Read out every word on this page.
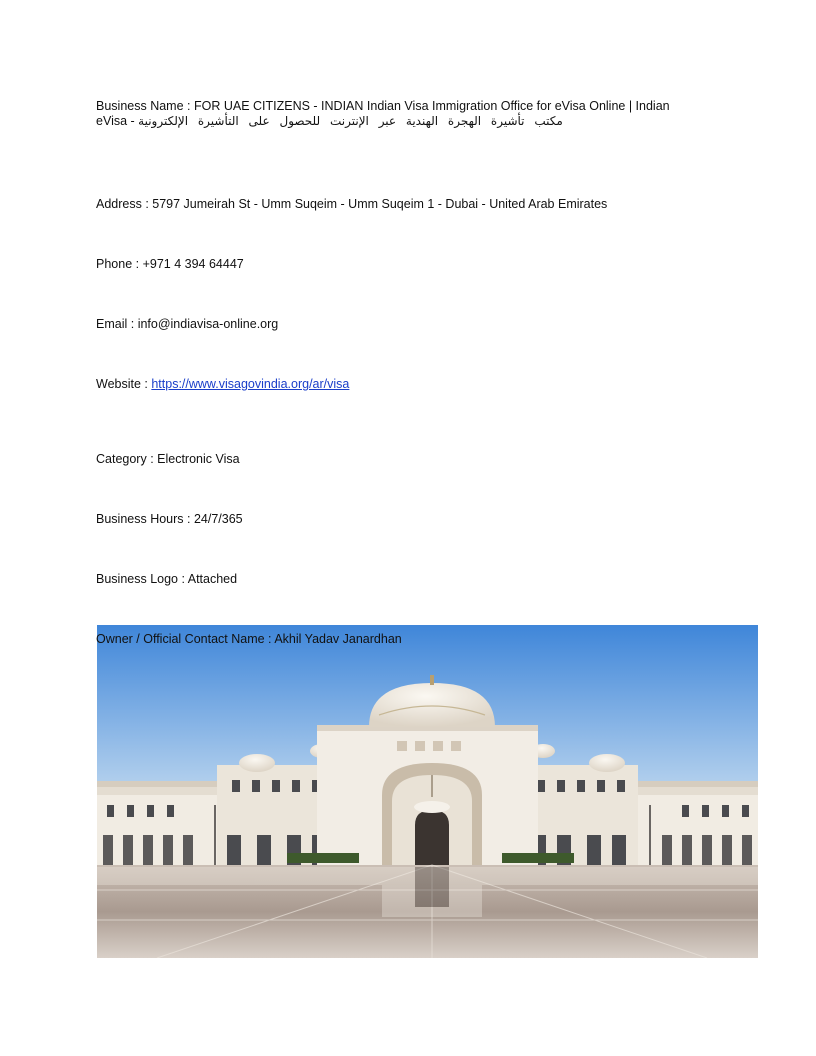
Business Name : FOR UAE CITIZENS - INDIAN Indian Visa Immigration Office for eVisa Online | Indian eVisa - مكتب تأشيرة الهجرة الهندية عبر الإنترنت للحصول على التأشيرة الإلكترونية
Address : 5797 Jumeirah St - Umm Suqeim - Umm Suqeim 1 - Dubai - United Arab Emirates
Phone : +971 4 394 64447
Email : info@indiavisa-online.org
Website : https://www.visagovindia.org/ar/visa
Category : Electronic Visa
Business Hours : 24/7/365
Business Logo : Attached
Owner / Official Contact Name : Akhil Yadav Janardhan
